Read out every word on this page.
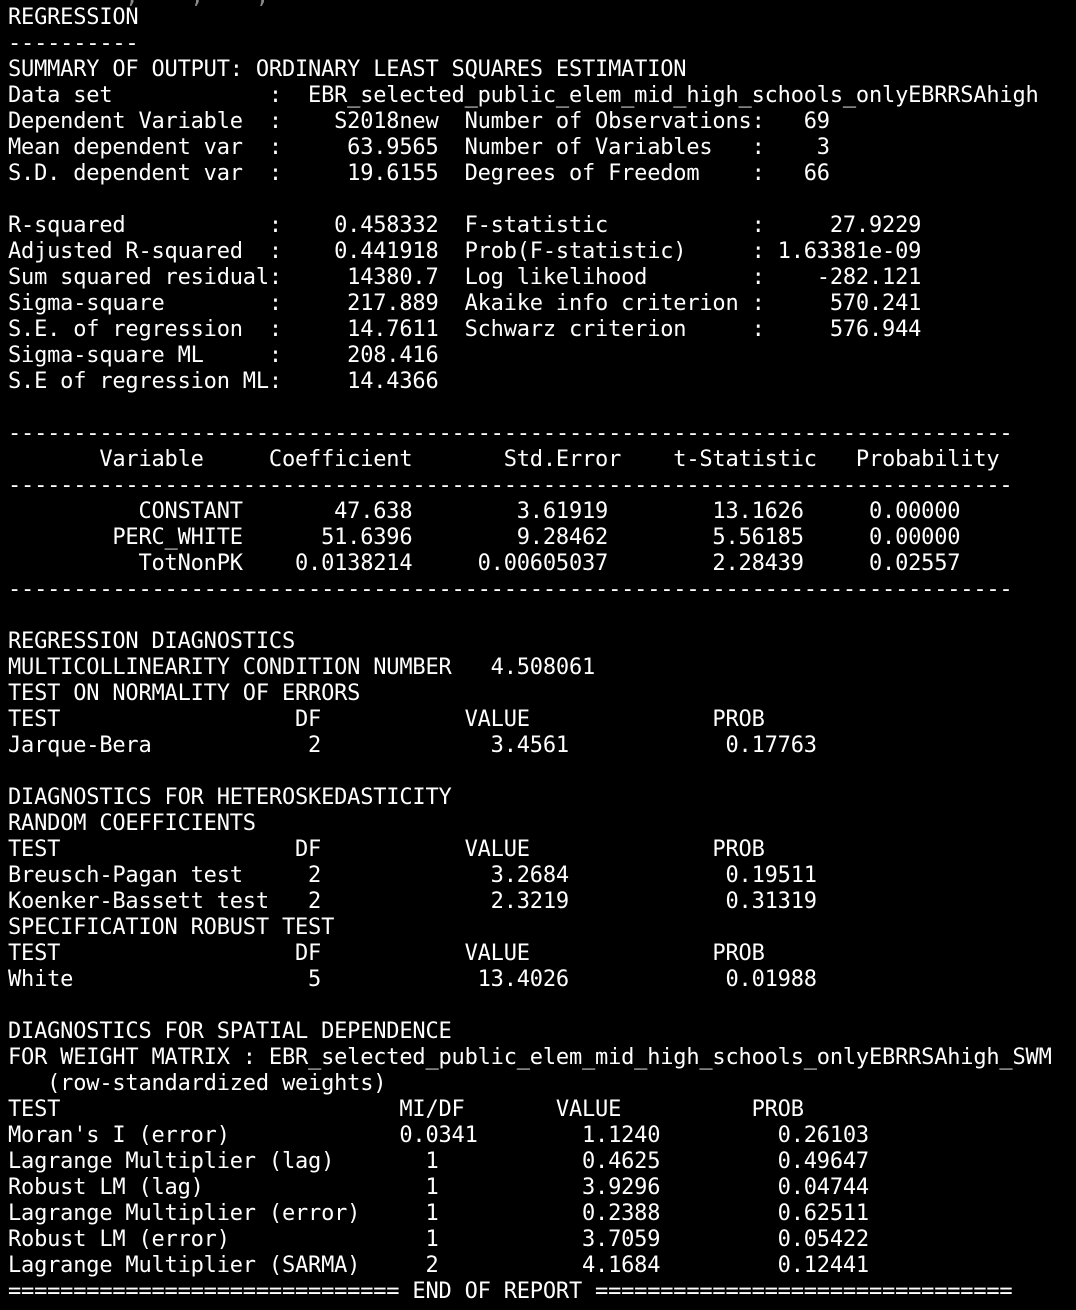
REGRESSION
----------
SUMMARY OF OUTPUT: ORDINARY LEAST SQUARES ESTIMATION
Data set            :  EBR_selected_public_elem_mid_high_schools_onlyEBRRSAhigh
Dependent Variable  :    S2018new  Number of Observations:   69
Mean dependent var  :     63.9565  Number of Variables   :    3
S.D. dependent var  :     19.6155  Degrees of Freedom    :   66
R-squared           :    0.458332  F-statistic           :     27.9229
Adjusted R-squared  :    0.441918  Prob(F-statistic)     : 1.63381e-09
Sum squared residual:     14380.7  Log likelihood        :    -282.121
Sigma-square        :     217.889  Akaike info criterion :     570.241
S.E. of regression  :     14.7611  Schwarz criterion     :     576.944
Sigma-square ML     :     208.416
S.E of regression ML:     14.4366
-----------------------------------------------------------------------------
Variable     Coefficient       Std.Error    t-Statistic   Probability
-----------------------------------------------------------------------------
CONSTANT       47.638        3.61919        13.1626     0.00000
PERC_WHITE      51.6396        9.28462        5.56185     0.00000
TotNonPK    0.0138214     0.00605037        2.28439     0.02557
-----------------------------------------------------------------------------
REGRESSION DIAGNOSTICS
MULTICOLLINEARITY CONDITION NUMBER   4.508061
TEST ON NORMALITY OF ERRORS
TEST                  DF           VALUE              PROB
Jarque-Bera            2             3.4561            0.17763
DIAGNOSTICS FOR HETEROSKEDASTICITY
RANDOM COEFFICIENTS
TEST                  DF           VALUE              PROB
Breusch-Pagan test     2             3.2684            0.19511
Koenker-Bassett test   2             2.3219            0.31319
SPECIFICATION ROBUST TEST
TEST                  DF           VALUE              PROB
White                  5            13.4026            0.01988
DIAGNOSTICS FOR SPATIAL DEPENDENCE
FOR WEIGHT MATRIX : EBR_selected_public_elem_mid_high_schools_onlyEBRRSAhigh_SWM
(row-standardized weights)
TEST                          MI/DF       VALUE          PROB
Moran's I (error)             0.0341        1.1240         0.26103
Lagrange Multiplier (lag)       1           0.4625         0.49647
Robust LM (lag)                 1           3.9296         0.04744
Lagrange Multiplier (error)     1           0.2388         0.62511
Robust LM (error)               1           3.7059         0.05422
Lagrange Multiplier (SARMA)     2           4.1684         0.12441
============================== END OF REPORT ================================
